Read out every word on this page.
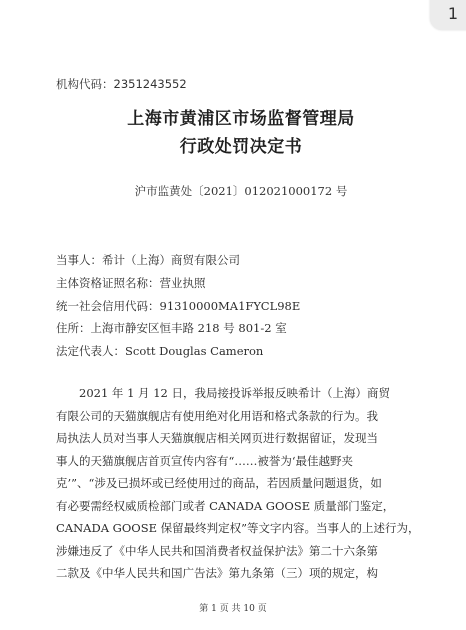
1
机构代码：2351243552
上海市黄浦区市场监督管理局
行政处罚决定书
沪市监黄处〔2021〕012021000172 号
当事人：希计（上海）商贸有限公司
主体资格证照名称：营业执照
统一社会信用代码：91310000MA1FYCL98E
住所：上海市静安区恒丰路 218 号 801-2 室
法定代表人：Scott Douglas Cameron
　　2021 年 1 月 12 日，我局接投诉举报反映希计（上海）商贸
有限公司的天猫旗舰店有使用绝对化用语和格式条款的行为。我
局执法人员对当事人天猫旗舰店相关网页进行数据留证，发现当
事人的天猫旗舰店首页宣传内容有“……被誉为‘最佳越野夹
克’”、“涉及已损坏或已经使用过的商品，若因质量问题退货，如
有必要需经权威质检部门或者 CANADA GOOSE 质量部门鉴定，
CANADA GOOSE 保留最终判定权”等文字内容。当事人的上述行为，
涉嫌违反了《中华人民共和国消费者权益保护法》第二十六条第
二款及《中华人民共和国广告法》第九条第（三）项的规定，构
第 1 页 共 10 页
